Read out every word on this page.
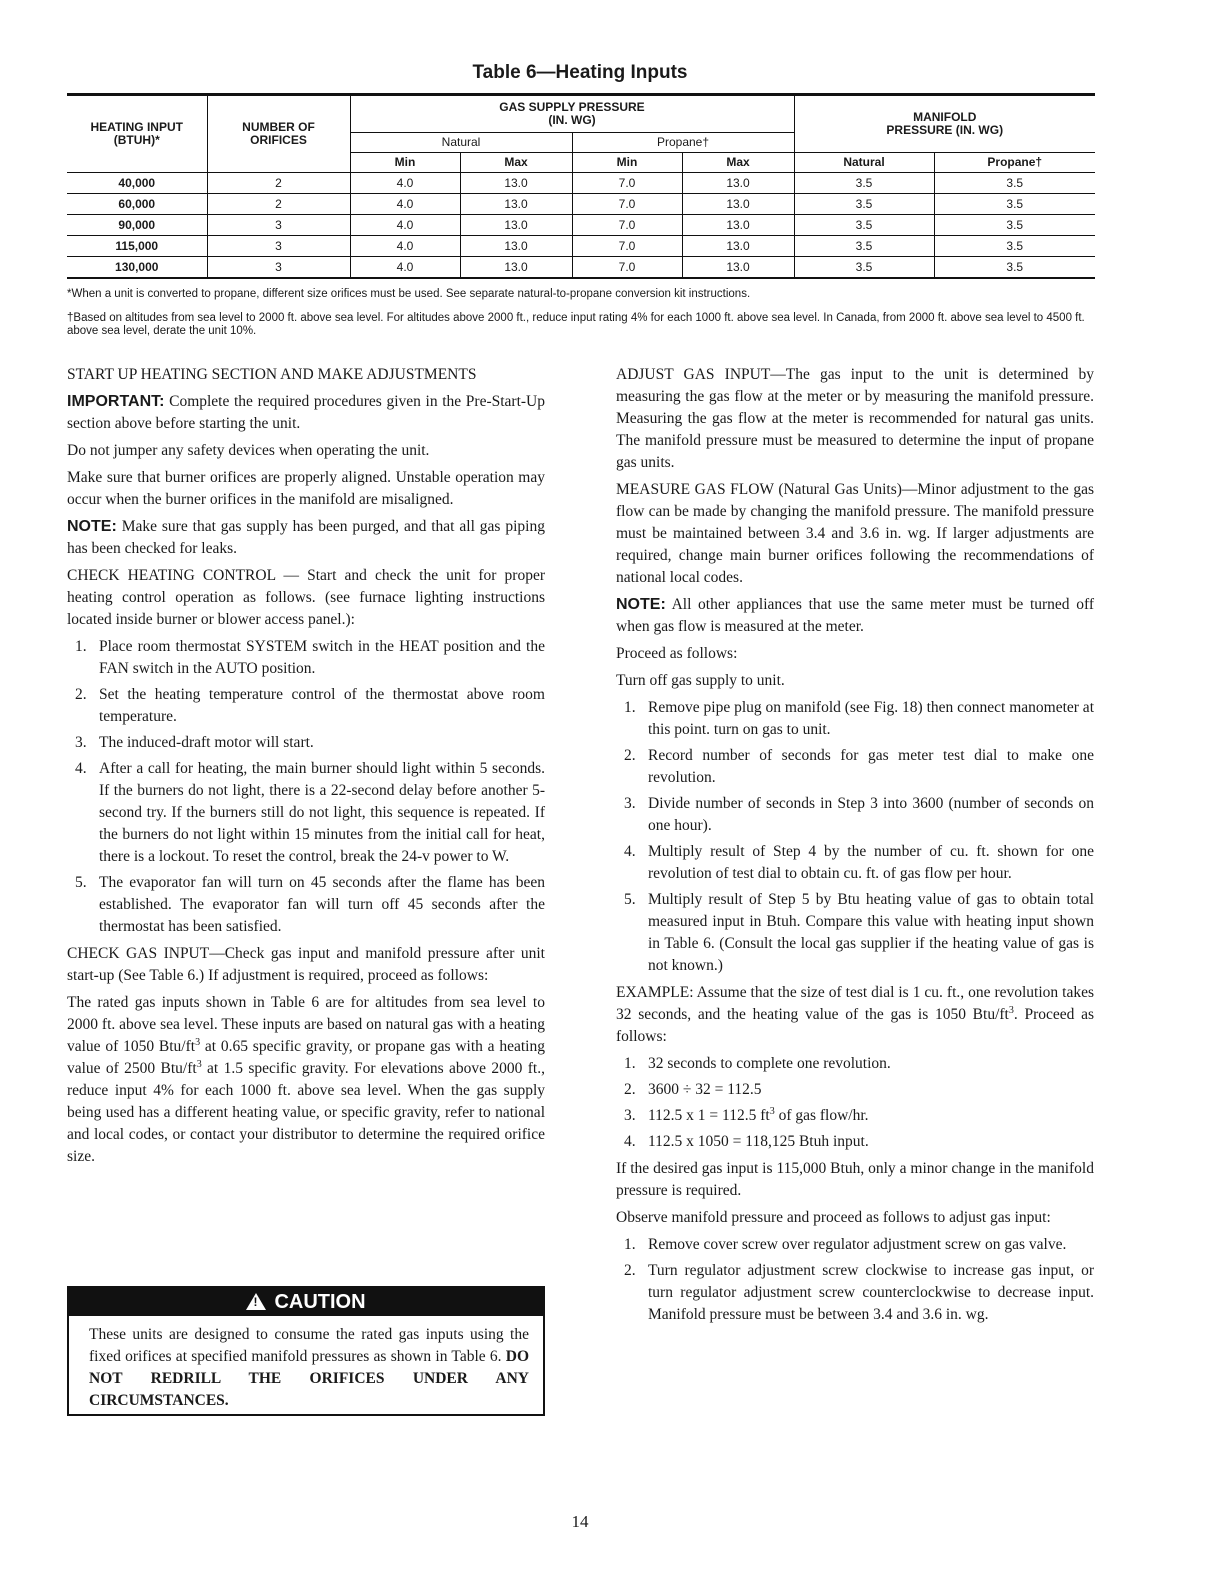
Table 6—Heating Inputs
HEATING INPUT (BTUH)*	NUMBER OF ORIFICES	GAS SUPPLY PRESSURE (IN. WG)				MANIFOLD PRESSURE (IN. WG)	
		Natural		Propane†			
		Min	Max	Min	Max	Natural	Propane†
40,000	2	4.0	13.0	7.0	13.0	3.5	3.5
60,000	2	4.0	13.0	7.0	13.0	3.5	3.5
90,000	3	4.0	13.0	7.0	13.0	3.5	3.5
115,000	3	4.0	13.0	7.0	13.0	3.5	3.5
130,000	3	4.0	13.0	7.0	13.0	3.5	3.5
*When a unit is converted to propane, different size orifices must be used. See separate natural-to-propane conversion kit instructions.
†Based on altitudes from sea level to 2000 ft. above sea level. For altitudes above 2000 ft., reduce input rating 4% for each 1000 ft. above sea level. In Canada, from 2000 ft. above sea level to 4500 ft. above sea level, derate the unit 10%.

START UP HEATING SECTION AND MAKE ADJUSTMENTS

IMPORTANT: Complete the required procedures given in the Pre-Start-Up section above before starting the unit.

Do not jumper any safety devices when operating the unit.

Make sure that burner orifices are properly aligned. Unstable operation may occur when the burner orifices in the manifold are misaligned.

NOTE: Make sure that gas supply has been purged, and that all gas piping has been checked for leaks.

CHECK HEATING CONTROL — Start and check the unit for proper heating control operation as follows. (see furnace lighting instructions located inside burner or blower access panel.):

1. Place room thermostat SYSTEM switch in the HEAT position and the FAN switch in the AUTO position.
2. Set the heating temperature control of the thermostat above room temperature.
3. The induced-draft motor will start.
4. After a call for heating, the main burner should light within 5 seconds. If the burners do not light, there is a 22-second delay before another 5-second try. If the burners still do not light, this sequence is repeated. If the burners do not light within 15 minutes from the initial call for heat, there is a lockout. To reset the control, break the 24-v power to W.
5. The evaporator fan will turn on 45 seconds after the flame has been established. The evaporator fan will turn off 45 seconds after the thermostat has been satisfied.

CHECK GAS INPUT—Check gas input and manifold pressure after unit start-up (See Table 6.) If adjustment is required, proceed as follows:

The rated gas inputs shown in Table 6 are for altitudes from sea level to 2000 ft. above sea level. These inputs are based on natural gas with a heating value of 1050 Btu/$ft^3$ at 0.65 specific gravity, or propane gas with a heating value of 2500 Btu/$ft^3$ at 1.5 specific gravity. For elevations above 2000 ft., reduce input 4% for each 1000 ft. above sea level. When the gas supply being used has a different heating value, or specific gravity, refer to national and local codes, or contact your distributor to determine the required orifice size.

!CAUTION
These units are designed to consume the rated gas inputs using the fixed orifices at specified manifold pressures as shown in Table 6. DO NOT REDRILL THE ORIFICES UNDER ANY CIRCUMSTANCES.

ADJUST GAS INPUT—The gas input to the unit is determined by measuring the gas flow at the meter or by measuring the manifold pressure. Measuring the gas flow at the meter is recommended for natural gas units. The manifold pressure must be measured to determine the input of propane gas units.

MEASURE GAS FLOW (Natural Gas Units)—Minor adjustment to the gas flow can be made by changing the manifold pressure. The manifold pressure must be maintained between 3.4 and 3.6 in. wg. If larger adjustments are required, change main burner orifices following the recommendations of national local codes.

NOTE: All other appliances that use the same meter must be turned off when gas flow is measured at the meter.

Proceed as follows:

Turn off gas supply to unit.

1. Remove pipe plug on manifold (see Fig. 18) then connect manometer at this point. turn on gas to unit.
2. Record number of seconds for gas meter test dial to make one revolution.
3. Divide number of seconds in Step 3 into 3600 (number of seconds on one hour).
4. Multiply result of Step 4 by the number of cu. ft. shown for one revolution of test dial to obtain cu. ft. of gas flow per hour.
5. Multiply result of Step 5 by Btu heating value of gas to obtain total measured input in Btuh. Compare this value with heating input shown in Table 6. (Consult the local gas supplier if the heating value of gas is not known.)

EXAMPLE: Assume that the size of test dial is 1 cu. ft., one revolution takes 32 seconds, and the heating value of the gas is 1050 Btu/$ft^3$. Proceed as follows:

1. 32 seconds to complete one revolution.
2. 3600 ÷ 32 = 112.5
3. 112.5 x 1 = 112.5 $ft^3$ of gas flow/hr.
4. 112.5 x 1050 = 118,125 Btuh input.

If the desired gas input is 115,000 Btuh, only a minor change in the manifold pressure is required.

Observe manifold pressure and proceed as follows to adjust gas input:

1. Remove cover screw over regulator adjustment screw on gas valve.
2. Turn regulator adjustment screw clockwise to increase gas input, or turn regulator adjustment screw counterclockwise to decrease input. Manifold pressure must be between 3.4 and 3.6 in. wg.
14
